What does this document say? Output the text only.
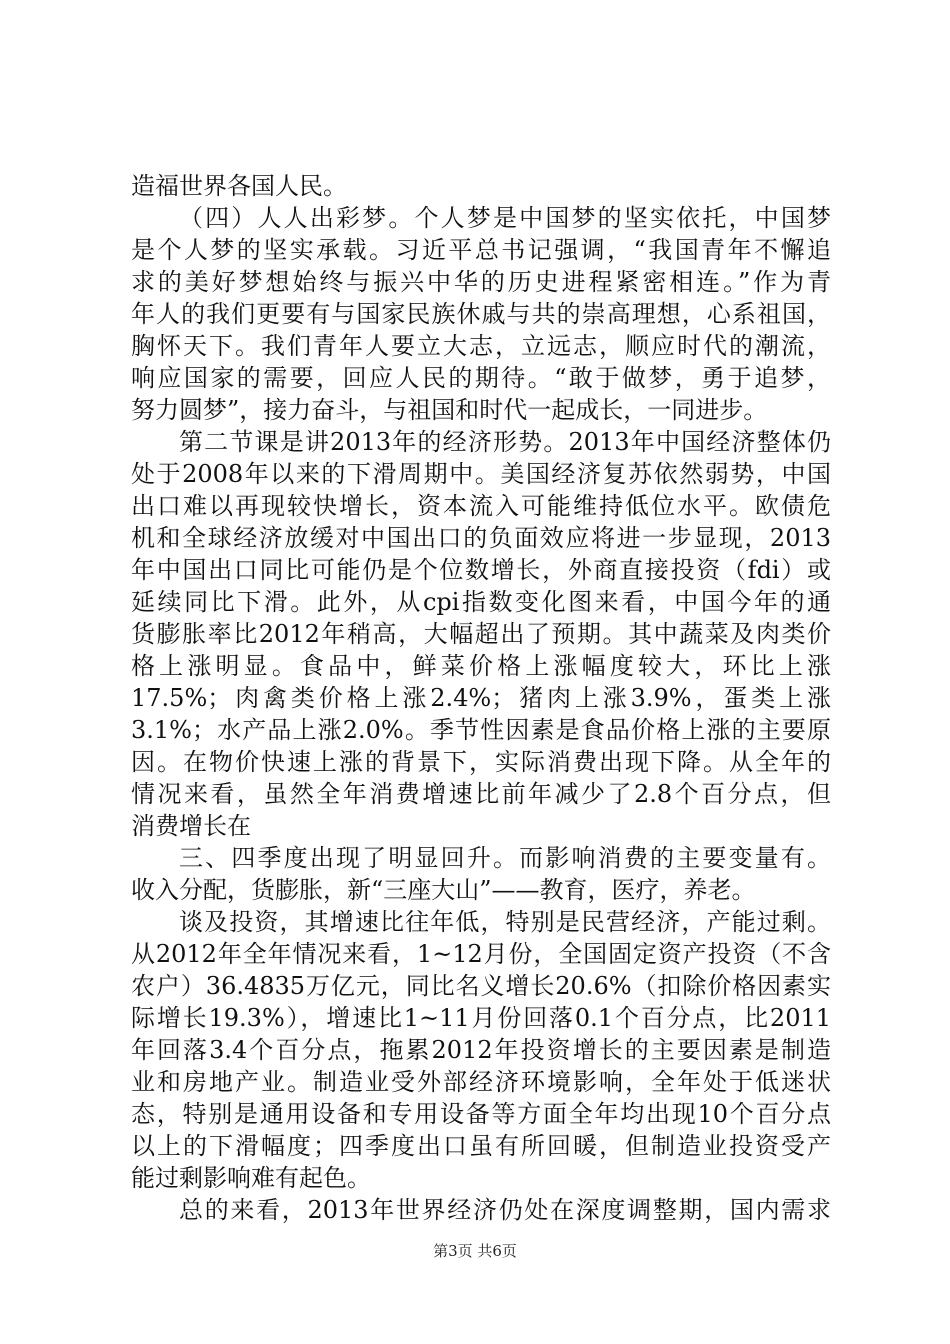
造福世界各国人民。
（四）人人出彩梦。个人梦是中国梦的坚实依托，中国梦
是个人梦的坚实承载。习近平总书记强调，“我国青年不懈追
求的美好梦想始终与振兴中华的历史进程紧密相连。”作为青
年人的我们更要有与国家民族休戚与共的崇高理想，心系祖国，
胸怀天下。我们青年人要立大志，立远志，顺应时代的潮流，
响应国家的需要，回应人民的期待。“敢于做梦，勇于追梦，
努力圆梦”，接力奋斗，与祖国和时代一起成长，一同进步。
第二节课是讲2013年的经济形势。2013年中国经济整体仍
处于2008年以来的下滑周期中。美国经济复苏依然弱势，中国
出口难以再现较快增长，资本流入可能维持低位水平。欧债危
机和全球经济放缓对中国出口的负面效应将进一步显现，2013
年中国出口同比可能仍是个位数增长，外商直接投资（fdi）或
延续同比下滑。此外，从cpi指数变化图来看，中国今年的通
货膨胀率比2012年稍高，大幅超出了预期。其中蔬菜及肉类价
格上涨明显。食品中，鲜菜价格上涨幅度较大，环比上涨
17.5%；肉禽类价格上涨2.4%；猪肉上涨3.9%，蛋类上涨
3.1%；水产品上涨2.0%。季节性因素是食品价格上涨的主要原
因。在物价快速上涨的背景下，实际消费出现下降。从全年的
情况来看，虽然全年消费增速比前年减少了2.8个百分点，但
消费增长在
三、四季度出现了明显回升。而影响消费的主要变量有。
收入分配，货膨胀，新“三座大山”——教育，医疗，养老。
谈及投资，其增速比往年低，特别是民营经济，产能过剩。
从2012年全年情况来看，1~12月份，全国固定资产投资（不含
农户）36.4835万亿元，同比名义增长20.6%（扣除价格因素实
际增长19.3%），增速比1~11月份回落0.1个百分点，比2011
年回落3.4个百分点，拖累2012年投资增长的主要因素是制造
业和房地产业。制造业受外部经济环境影响，全年处于低迷状
态，特别是通用设备和专用设备等方面全年均出现10个百分点
以上的下滑幅度；四季度出口虽有所回暖，但制造业投资受产
能过剩影响难有起色。
总的来看，2013年世界经济仍处在深度调整期，国内需求
第3页 共6页
